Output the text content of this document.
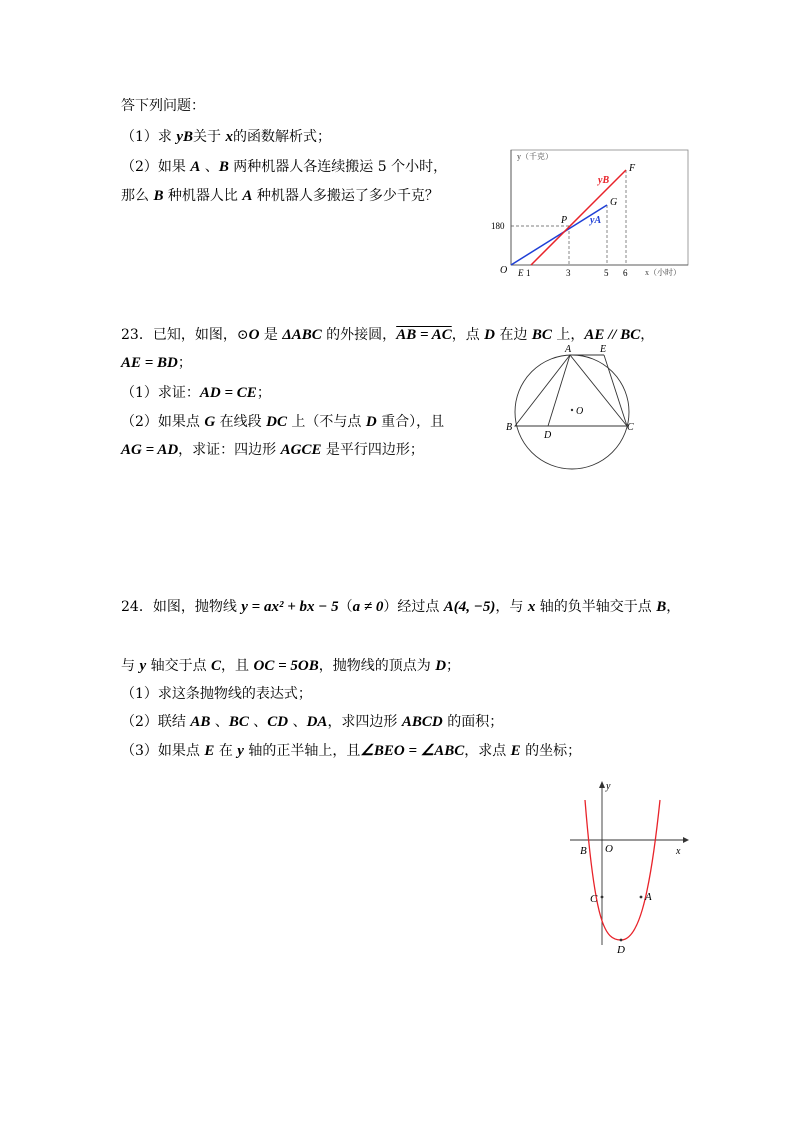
答下列问题：
（1）求 yB关于 x的函数解析式；
（2）如果 A 、B 两种机器人各连续搬运 5 个小时，
那么 B 种机器人比 A 种机器人多搬运了多少千克？
y（千克）
x（小时）
180
O E 1	3	5 6
P
G
F
yB
yA
23．已知，如图，⊙O 是 ΔABC 的外接圆，AB = AC，点 D 在边 BC 上，AE // BC，
AE = BD；
（1）求证：AD = CE；
（2）如果点 G 在线段 DC 上（不与点 D 重合），且
AG = AD，求证：四边形 AGCE 是平行四边形；
A	E
B
D
C
O
24．如图，抛物线 y = ax² + bx − 5（a ≠ 0）经过点 A(4, −5)，与 x 轴的负半轴交于点 B，
与 y 轴交于点 C，且 OC = 5OB，抛物线的顶点为 D；
（1）求这条抛物线的表达式；
（2）联结 AB 、BC 、CD 、DA，求四边形 ABCD 的面积；
（3）如果点 E 在 y 轴的正半轴上，且∠BEO = ∠ABC，求点 E 的坐标；
y
x
B O
C	A
D
